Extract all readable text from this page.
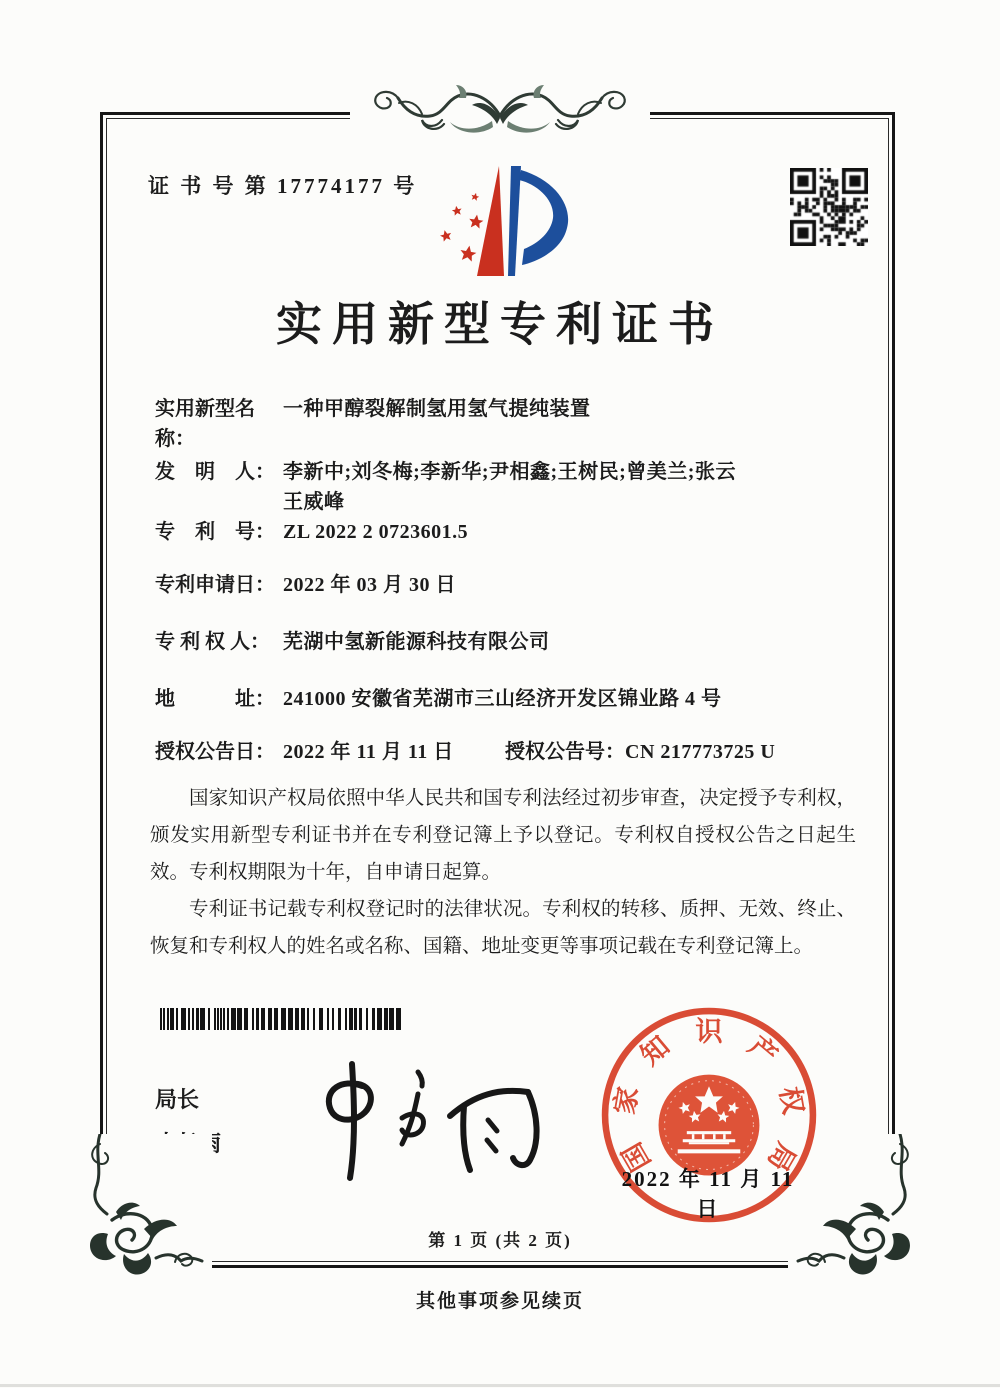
证 书 号 第 17774177 号
实用新型专利证书
实用新型名称：一种甲醇裂解制氢用氢气提纯装置
发　明　人： 李新中;刘冬梅;李新华;尹相鑫;王树民;曾美兰;张云
王威峰
专　利　号： ZL 2022 2 0723601.5
专利申请日： 2022 年 03 月 30 日
专 利 权 人： 芜湖中氢新能源科技有限公司
地　　　址： 241000 安徽省芜湖市三山经济开发区锦业路 4 号
授权公告日： 2022 年 11 月 11 日	授权公告号：CN 217773725 U

国家知识产权局依照中华人民共和国专利法经过初步审查，决定授予专利权，颁发实用新型专利证书并在专利登记簿上予以登记。专利权自授权公告之日起生效。专利权期限为十年，自申请日起算。

专利证书记载专利权登记时的法律状况。专利权的转移、质押、无效、终止、恢复和专利权人的姓名或名称、国籍、地址变更等事项记载在专利登记簿上。

局长
申长雨	国
家
知 识 产
权
局
2022 年 11 月 11 日
第 1 页 (共 2 页)
其他事项参见续页
